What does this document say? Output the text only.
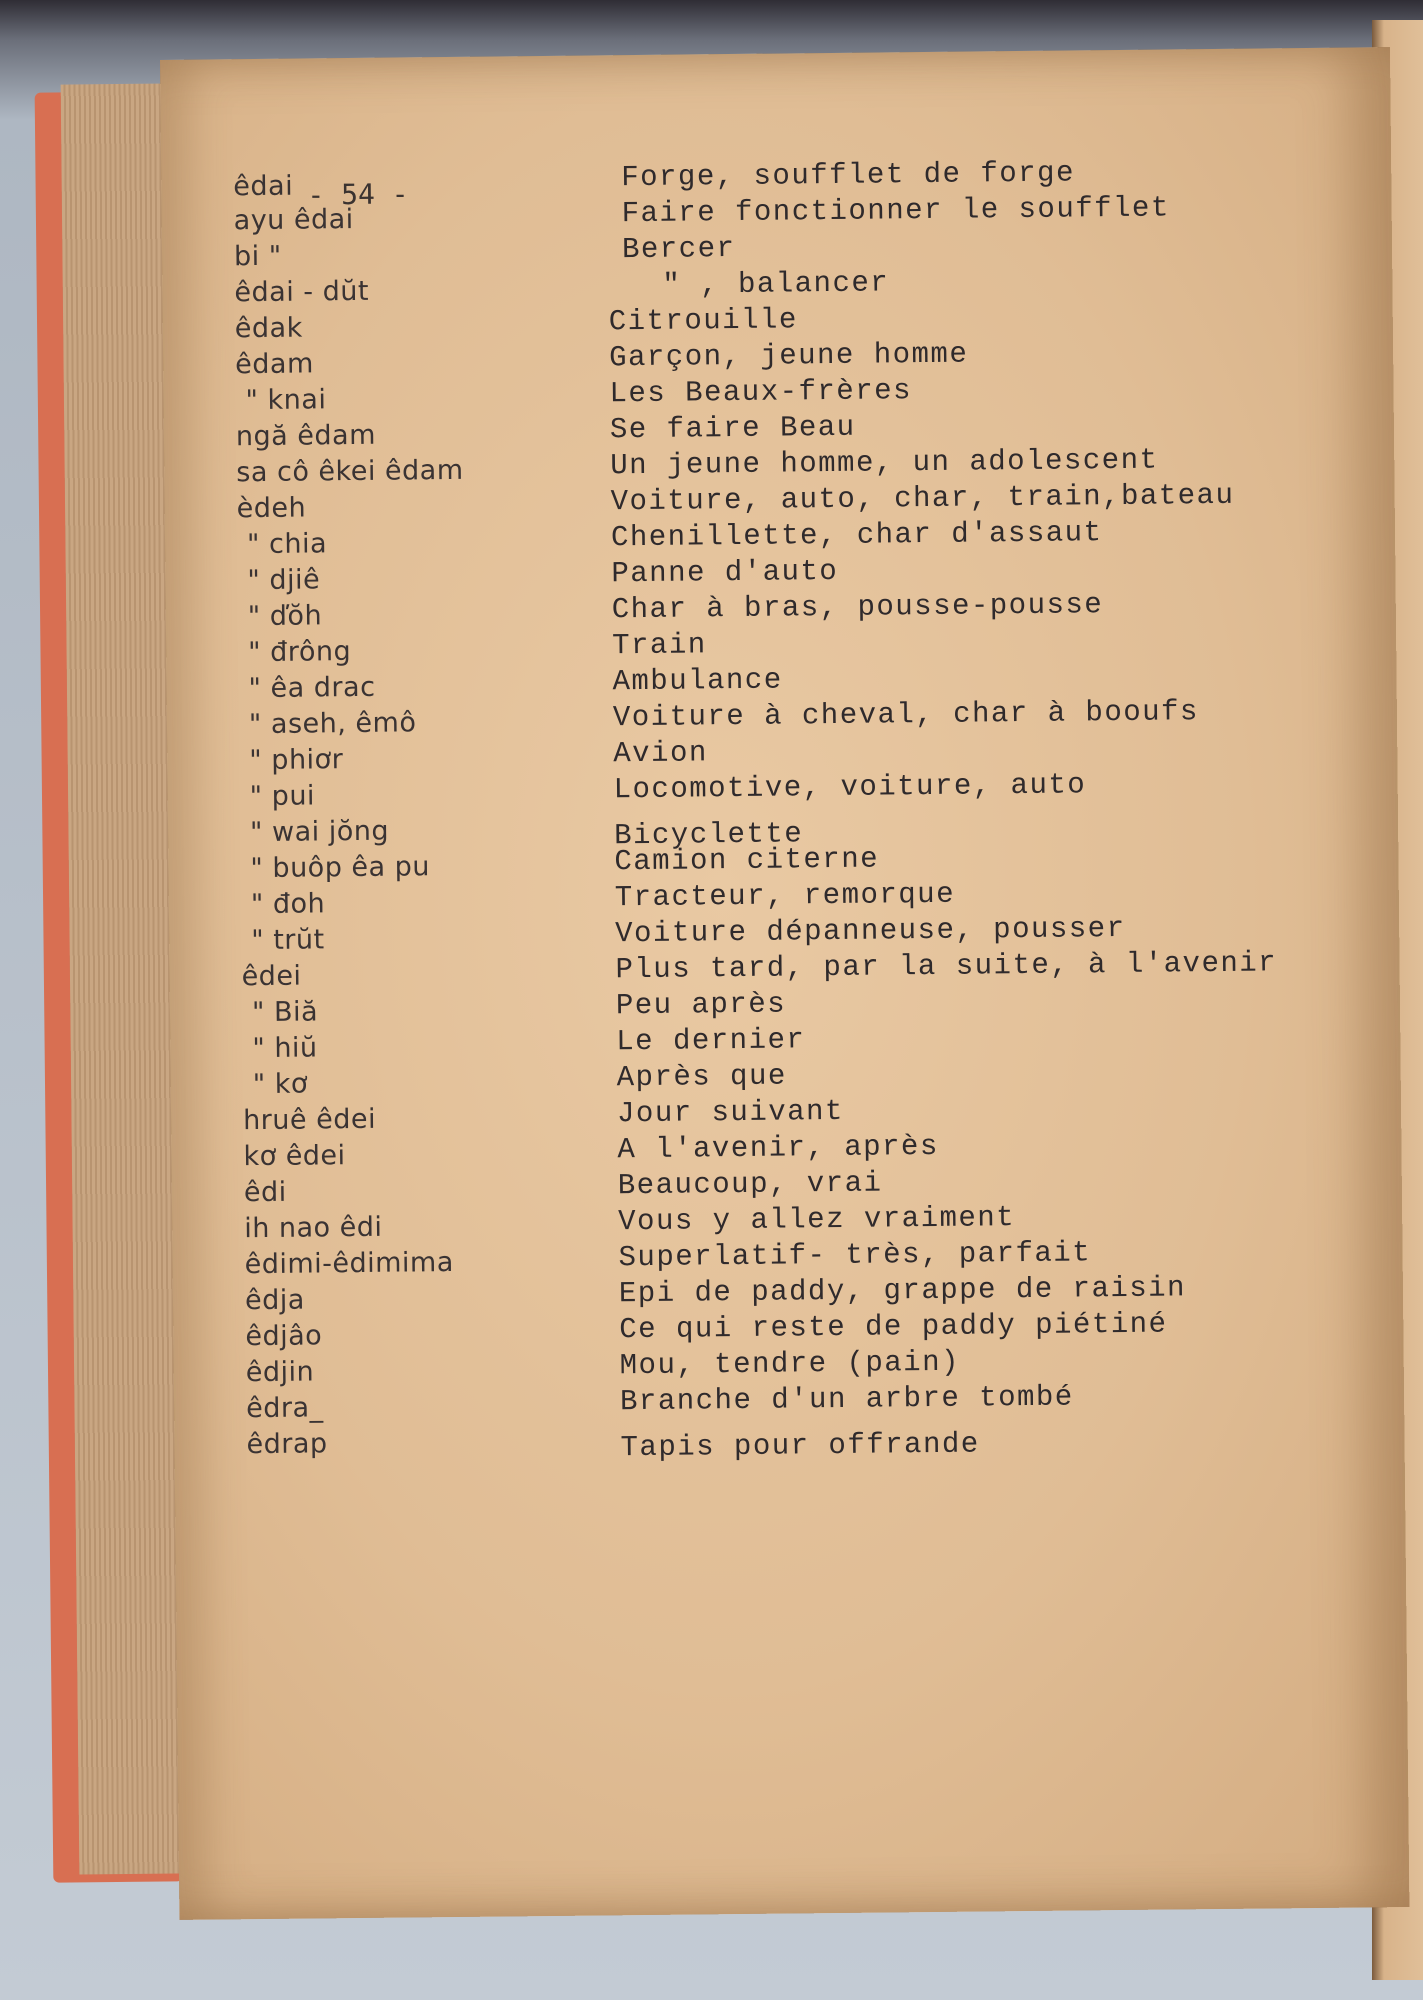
- 54 -
êdai
ayu êdai
bi "
êdai - dŭt
êdak
êdam
" knai
ngă êdam
sa cô êkei êdam
èdeh
" chia
" djiê
" ďŏh
" đrông
" êa drac
" aseh, êmô
" phiơr
" pui
" wai jŏng
" buôp êa pu
" đoh
" trŭt
êdei
" Biă
" hiŭ
" kơ
hruê êdei
kơ êdei
êdi
ih nao êdi
êdimi-êdimima
êdja
êdjâo
êdjin
êdra_
êdrap
Forge, soufflet de forge
Faire fonctionner le soufflet
Bercer
" , balancer
Citrouille
Garçon, jeune homme
Les Beaux-frères
Se faire Beau
Un jeune homme, un adolescent
Voiture, auto, char, train,bateau
Chenillette, char d'assaut
Panne d'auto
Char à bras, pousse-pousse
Train
Ambulance
Voiture à cheval, char à booufs
Avion
Locomotive, voiture, auto
Bicyclette
Camion citerne
Tracteur, remorque
Voiture dépanneuse, pousser
Plus tard, par la suite, à l'avenir
Peu après
Le dernier
Après que
Jour suivant
A l'avenir, après
Beaucoup, vrai
Vous y allez vraiment
Superlatif- très, parfait
Epi de paddy, grappe de raisin
Ce qui reste de paddy piétiné
Mou, tendre (pain)
Branche d'un arbre tombé
Tapis pour offrande
